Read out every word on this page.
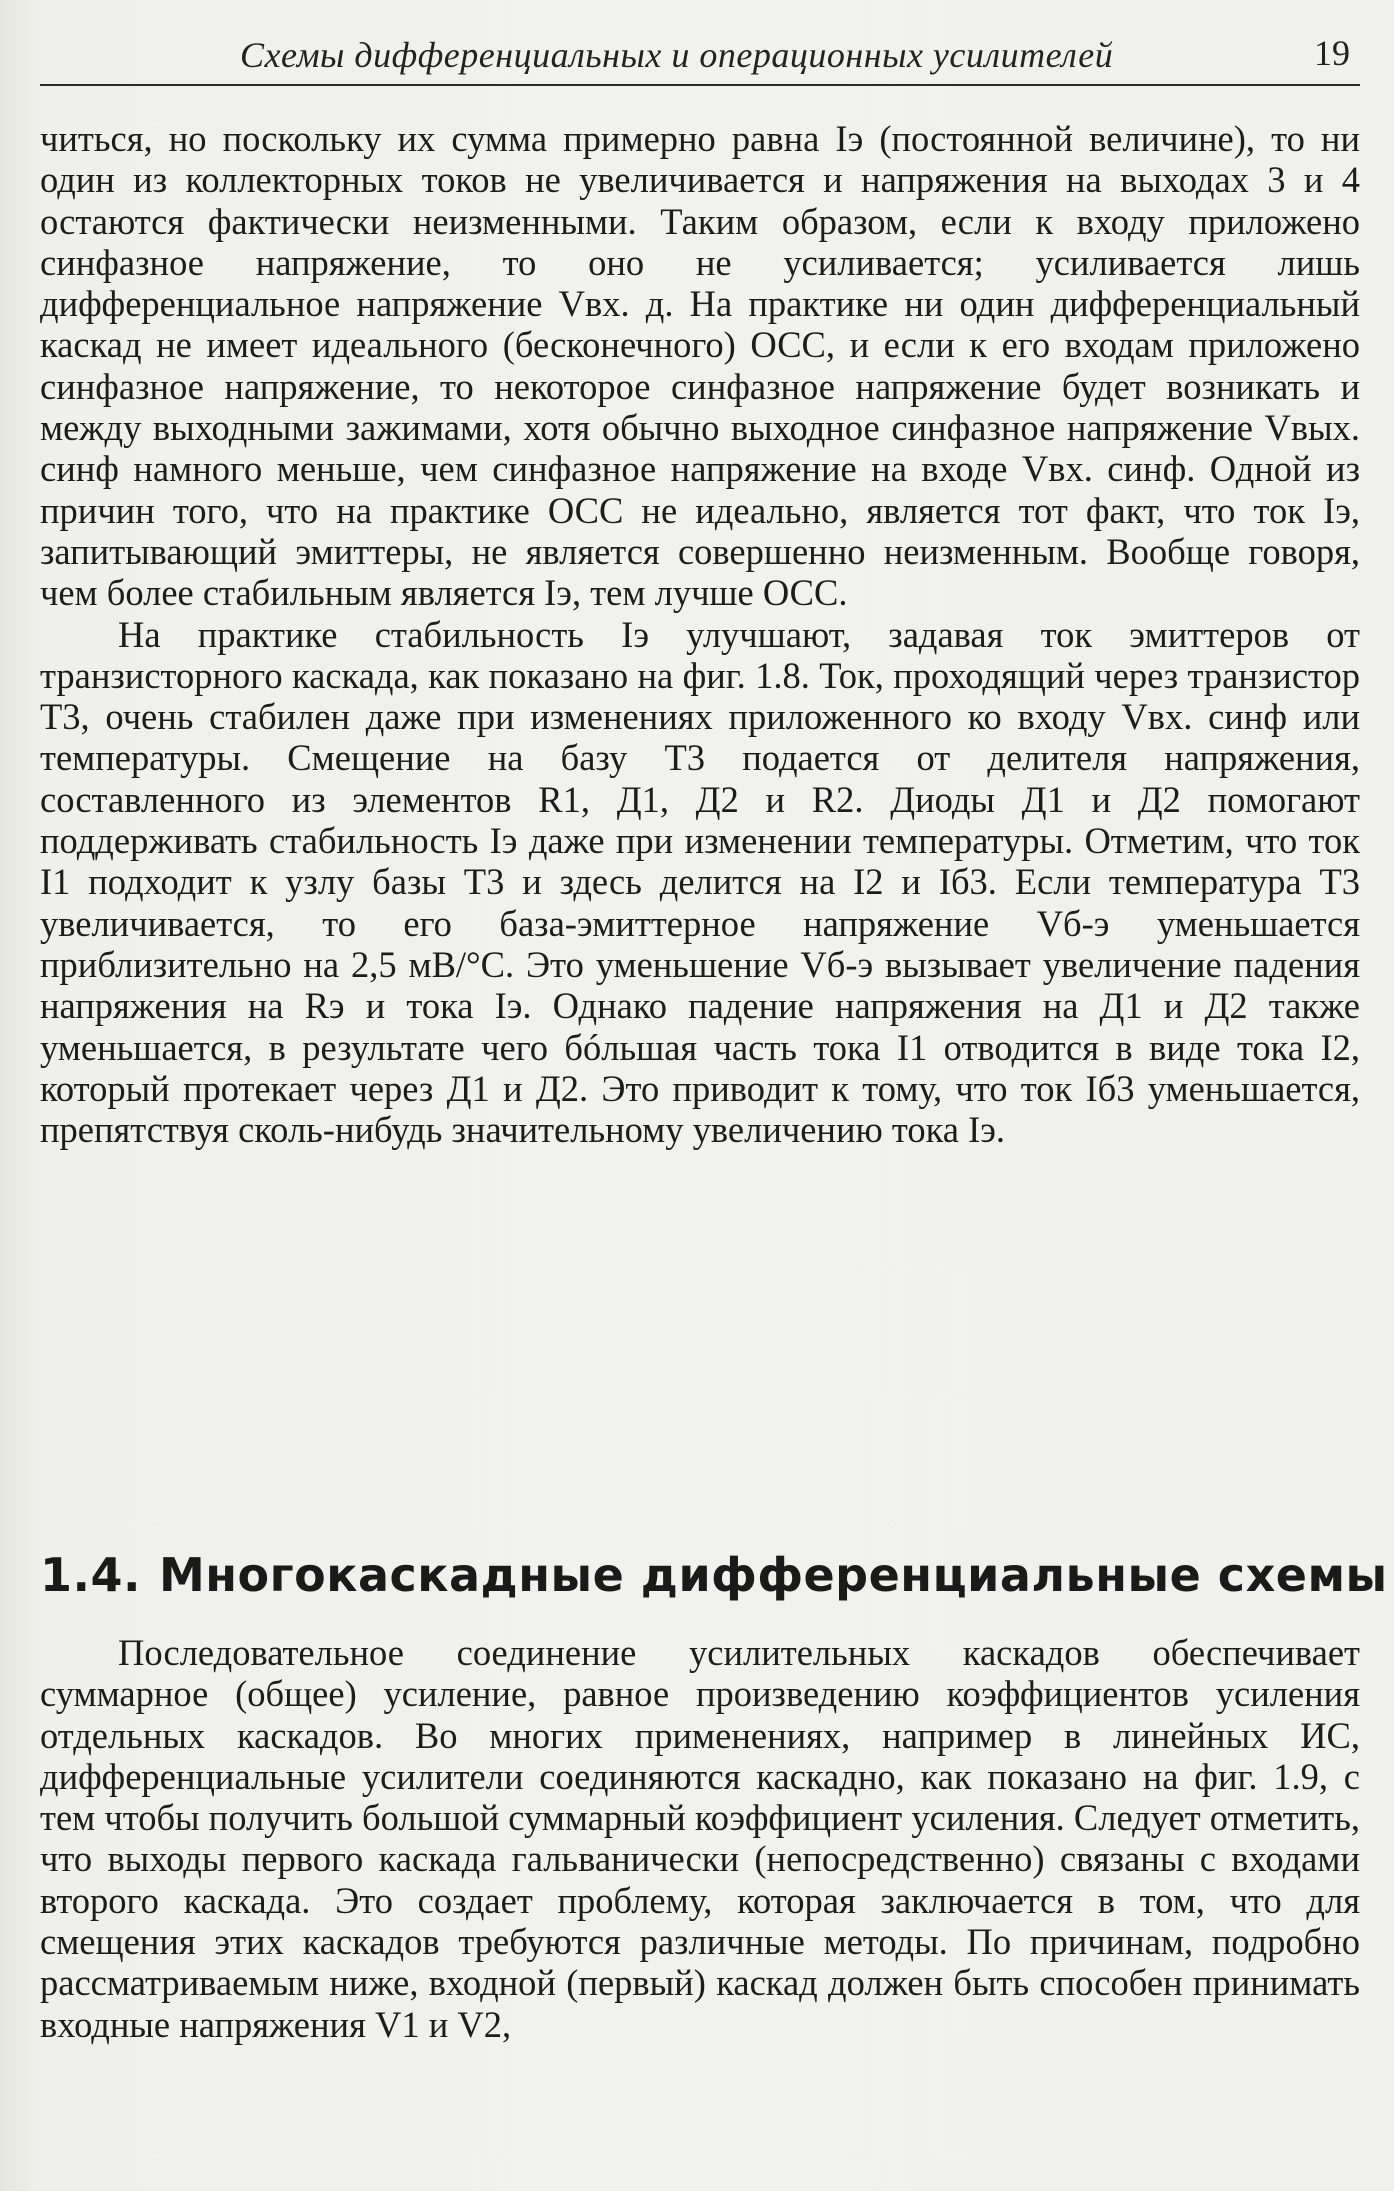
Схемы дифференциальных и операционных усилителей	19

читься, но поскольку их сумма примерно равна Iэ (постоянной величине), то ни один из коллекторных токов не увеличивается и напряжения на выходах 3 и 4 остаются фактически неизменными. Таким образом, если к входу приложено синфазное напряжение, то оно не усиливается; усиливается лишь дифференциальное напряжение Vвх. д. На практике ни один дифференциальный каскад не имеет идеального (бесконечного) ОСС, и если к его входам приложено синфазное напряжение, то некоторое синфазное напряжение будет возникать и между выходными зажимами, хотя обычно выходное синфазное напряжение Vвых. синф намного меньше, чем синфазное напряжение на входе Vвх. синф. Одной из причин того, что на практике ОСС не идеально, является тот факт, что ток Iэ, запитывающий эмиттеры, не является совершенно неизменным. Вообще говоря, чем более стабильным является Iэ, тем лучше ОСС.

На практике стабильность Iэ улучшают, задавая ток эмиттеров от транзисторного каскада, как показано на фиг. 1.8. Ток, проходящий через транзистор T3, очень стабилен даже при изменениях приложенного ко входу Vвх. синф или температуры. Смещение на базу T3 подается от делителя напряжения, составленного из элементов R1, Д1, Д2 и R2. Диоды Д1 и Д2 помогают поддерживать стабильность Iэ даже при изменении температуры. Отметим, что ток I1 подходит к узлу базы T3 и здесь делится на I2 и Iб3. Если температура T3 увеличивается, то его база-эмиттерное напряжение Vб-э уменьшается приблизительно на 2,5 мВ/°С. Это уменьшение Vб-э вызывает увеличение падения напряжения на Rэ и тока Iэ. Однако падение напряжения на Д1 и Д2 также уменьшается, в результате чего бóльшая часть тока I1 отводится в виде тока I2, который протекает через Д1 и Д2. Это приводит к тому, что ток Iб3 уменьшается, препятствуя сколь-нибудь значительному увеличению тока Iэ.

1.4. Многокаскадные дифференциальные схемы

Последовательное соединение усилительных каскадов обеспечивает суммарное (общее) усиление, равное произведению коэффициентов усиления отдельных каскадов. Во многих применениях, например в линейных ИС, дифференциальные усилители соединяются каскадно, как показано на фиг. 1.9, с тем чтобы получить большой суммарный коэффициент усиления. Следует отметить, что выходы первого каскада гальванически (непосредственно) связаны с входами второго каскада. Это создает проблему, которая заключается в том, что для смещения этих каскадов требуются различные методы. По причинам, подробно рассматриваемым ниже, входной (первый) каскад должен быть способен принимать входные напряжения V1 и V2,
